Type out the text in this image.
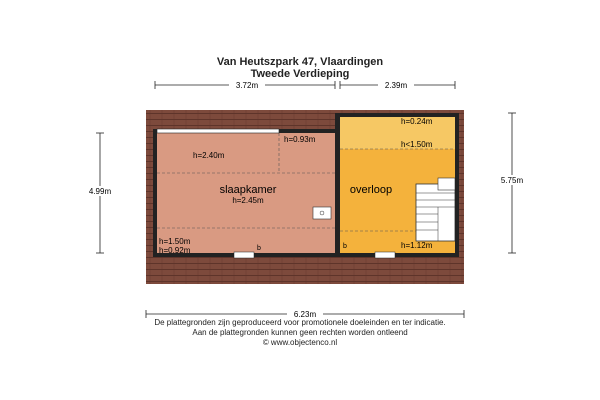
Van Heutszpark 47, Vlaardingen
Tweede Verdieping
3.72m	2.39m
4.99m
5.75m
6.23m
slaapkamer
h=2.45m
overloop
h=2.40m
h=0.93m
h=1.50m
h=0.92m
h=0.24m
h<1.50m
h=1.12m
b	b
De plattegronden zijn geproduceerd voor promotionele doeleinden en ter indicatie.
Aan de plattegronden kunnen geen rechten worden ontleend
© www.objectenco.nl
